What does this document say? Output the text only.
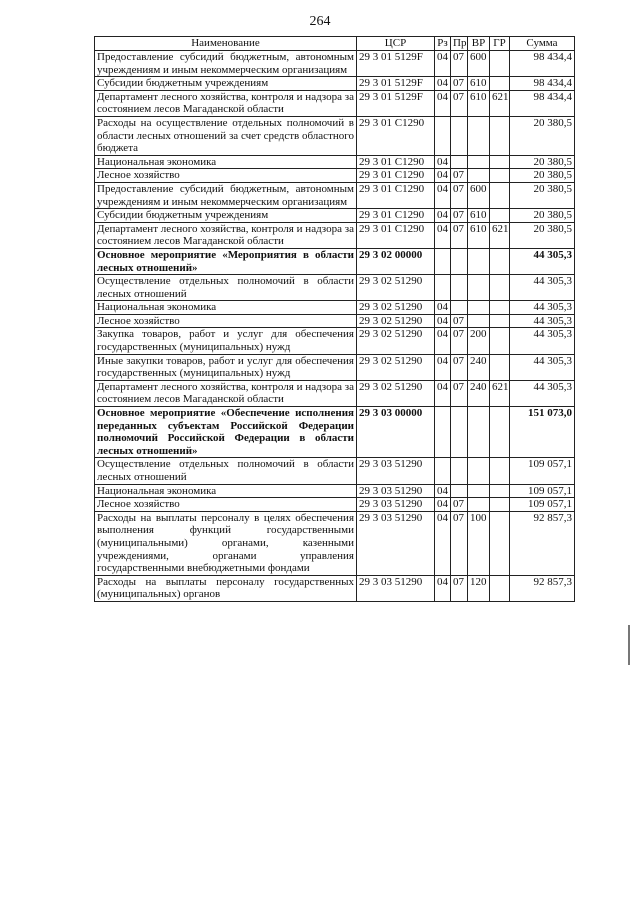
264
Наименование	ЦСР	Рз	Пр	ВР	ГР	Сумма
Предоставление субсидий бюджетным, автономным учреждениям и иным некоммерческим организациям	29 3 01 5129F	04	07	600		98 434,4
Субсидии бюджетным учреждениям	29 3 01 5129F	04	07	610		98 434,4
Департамент лесного хозяйства, контроля и надзора за состоянием лесов Магаданской области	29 3 01 5129F	04	07	610	621	98 434,4
Расходы на осуществление отдельных полномочий в области лесных отношений за счет средств областного бюджета	29 3 01 С1290					20 380,5
Национальная экономика	29 3 01 С1290	04				20 380,5
Лесное хозяйство	29 3 01 С1290	04	07			20 380,5
Предоставление субсидий бюджетным, автономным учреждениям и иным некоммерческим организациям	29 3 01 С1290	04	07	600		20 380,5
Субсидии бюджетным учреждениям	29 3 01 С1290	04	07	610		20 380,5
Департамент лесного хозяйства, контроля и надзора за состоянием лесов Магаданской области	29 3 01 С1290	04	07	610	621	20 380,5
Основное мероприятие «Мероприятия в области лесных отношений»	29 3 02 00000					44 305,3
Осуществление отдельных полномочий в области лесных отношений	29 3 02 51290					44 305,3
Национальная экономика	29 3 02 51290	04				44 305,3
Лесное хозяйство	29 3 02 51290	04	07			44 305,3
Закупка товаров, работ и услуг для обеспечения государственных (муниципальных) нужд	29 3 02 51290	04	07	200		44 305,3
Иные закупки товаров, работ и услуг для обеспечения государственных (муниципальных) нужд	29 3 02 51290	04	07	240		44 305,3
Департамент лесного хозяйства, контроля и надзора за состоянием лесов Магаданской области	29 3 02 51290	04	07	240	621	44 305,3
Основное мероприятие «Обеспечение исполнения переданных субъектам Российской Федерации полномочий Российской Федерации в области лесных отношений»	29 3 03 00000					151 073,0
Осуществление отдельных полномочий в области лесных отношений	29 3 03 51290					109 057,1
Национальная экономика	29 3 03 51290	04				109 057,1
Лесное хозяйство	29 3 03 51290	04	07			109 057,1
Расходы на выплаты персоналу в целях обеспечения выполнения функций государственными (муниципальными) органами, казенными учреждениями, органами управления государственными внебюджетными фондами	29 3 03 51290	04	07	100		92 857,3
Расходы на выплаты персоналу государственных (муниципальных) органов	29 3 03 51290	04	07	120		92 857,3
